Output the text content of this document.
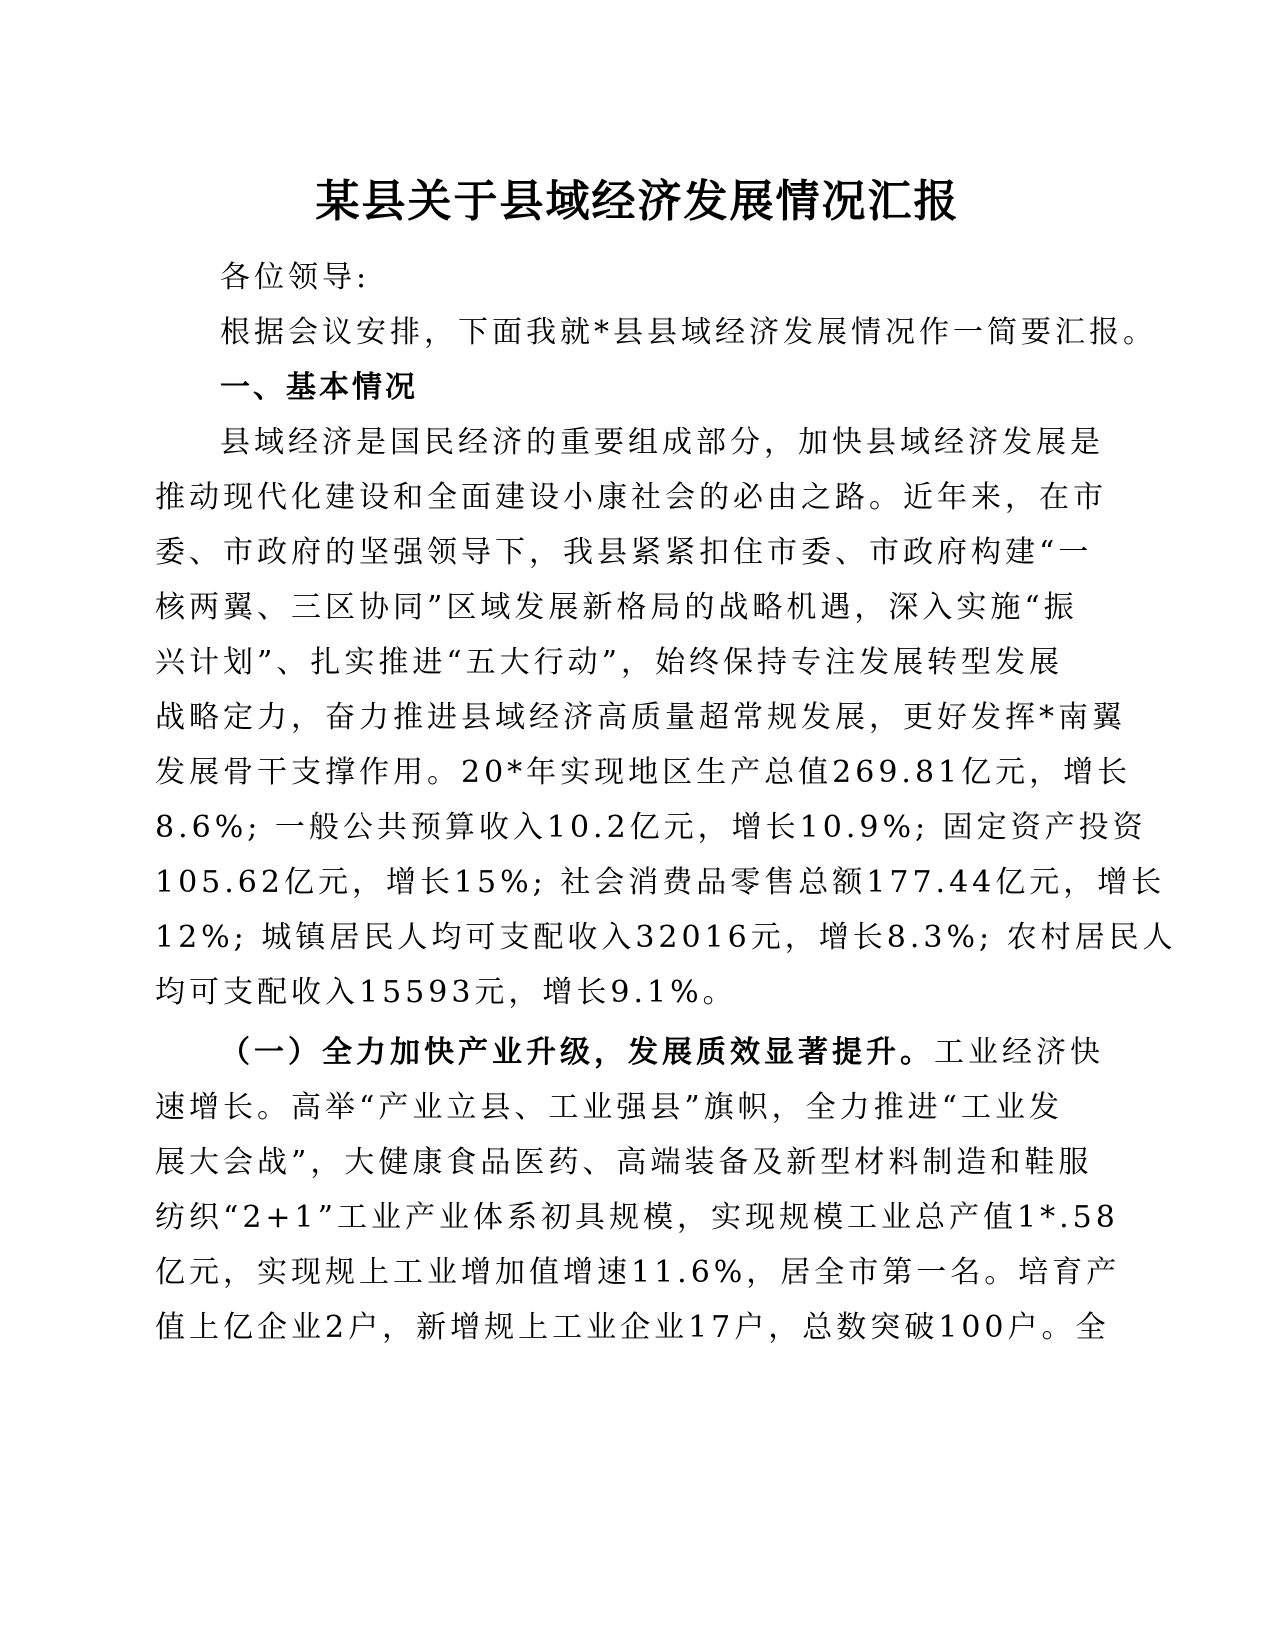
某县关于县域经济发展情况汇报

各位领导:

根据会议安排，下面我就*县县域经济发展情况作一简要汇报。

一、基本情况

县域经济是国民经济的重要组成部分，加快县域经济发展是

推动现代化建设和全面建设小康社会的必由之路。近年来，在市

委、市政府的坚强领导下，我县紧紧扣住市委、市政府构建“一

核两翼、三区协同”区域发展新格局的战略机遇，深入实施“振

兴计划”、扎实推进“五大行动”，始终保持专注发展转型发展

战略定力，奋力推进县域经济高质量超常规发展，更好发挥*南翼

发展骨干支撑作用。20*年实现地区生产总值269.81亿元，增长

8.6%; 一般公共预算收入10.2亿元，增长10.9%; 固定资产投资

105.62亿元，增长15%; 社会消费品零售总额177.44亿元，增长

12%; 城镇居民人均可支配收入32016元，增长8.3%; 农村居民人

均可支配收入15593元，增长9.1%。

（一）全力加快产业升级，发展质效显著提升。工业经济快

速增长。高举“产业立县、工业强县”旗帜，全力推进“工业发

展大会战”，大健康食品医药、高端装备及新型材料制造和鞋服

纺织“2+1”工业产业体系初具规模，实现规模工业总产值1*.58

亿元，实现规上工业增加值增速11.6%，居全市第一名。培育产

值上亿企业2户，新增规上工业企业17户，总数突破100户。全
